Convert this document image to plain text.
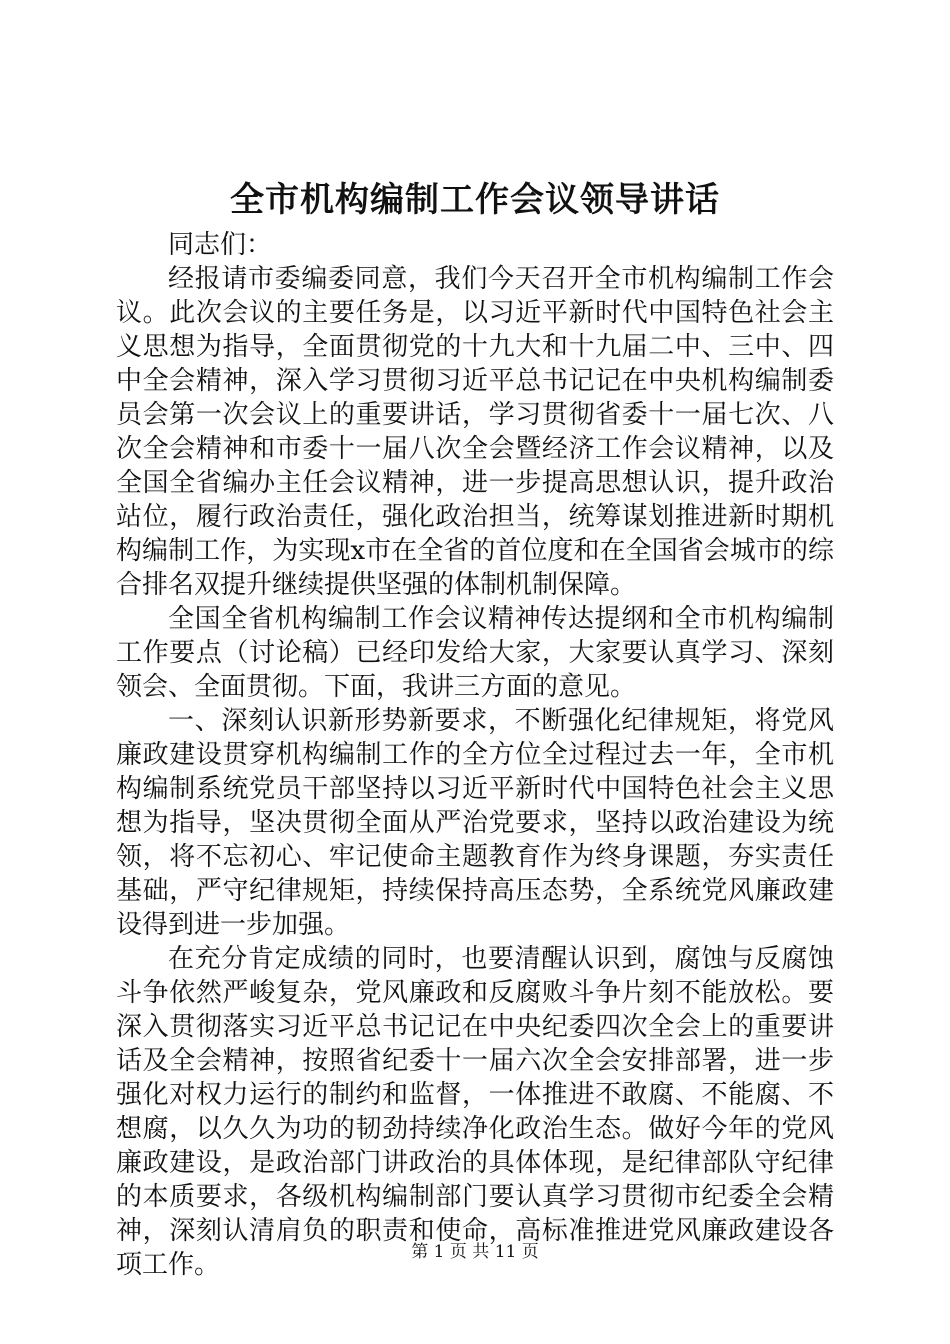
全市机构编制工作会议领导讲话

同志们：

经报请市委编委同意，我们今天召开全市机构编制工作会议。此次会议的主要任务是，以习近平新时代中国特色社会主义思想为指导，全面贯彻党的十九大和十九届二中、三中、四中全会精神，深入学习贯彻习近平总书记记在中央机构编制委员会第一次会议上的重要讲话，学习贯彻省委十一届七次、八次全会精神和市委十一届八次全会暨经济工作会议精神，以及全国全省编办主任会议精神，进一步提高思想认识，提升政治站位，履行政治责任，强化政治担当，统筹谋划推进新时期机构编制工作，为实现x市在全省的首位度和在全国省会城市的综合排名双提升继续提供坚强的体制机制保障。

全国全省机构编制工作会议精神传达提纲和全市机构编制工作要点（讨论稿）已经印发给大家，大家要认真学习、深刻领会、全面贯彻。下面，我讲三方面的意见。

一、深刻认识新形势新要求，不断强化纪律规矩，将党风廉政建设贯穿机构编制工作的全方位全过程过去一年，全市机构编制系统党员干部坚持以习近平新时代中国特色社会主义思想为指导，坚决贯彻全面从严治党要求，坚持以政治建设为统领，将不忘初心、牢记使命主题教育作为终身课题，夯实责任基础，严守纪律规矩，持续保持高压态势，全系统党风廉政建设得到进一步加强。

在充分肯定成绩的同时，也要清醒认识到，腐蚀与反腐蚀斗争依然严峻复杂，党风廉政和反腐败斗争片刻不能放松。要深入贯彻落实习近平总书记记在中央纪委四次全会上的重要讲话及全会精神，按照省纪委十一届六次全会安排部署，进一步强化对权力运行的制约和监督，一体推进不敢腐、不能腐、不想腐，以久久为功的韧劲持续净化政治生态。做好今年的党风廉政建设，是政治部门讲政治的具体体现，是纪律部队守纪律的本质要求，各级机构编制部门要认真学习贯彻市纪委全会精神，深刻认清肩负的职责和使命，高标准推进党风廉政建设各项工作。	第 1 页 共 11 页
